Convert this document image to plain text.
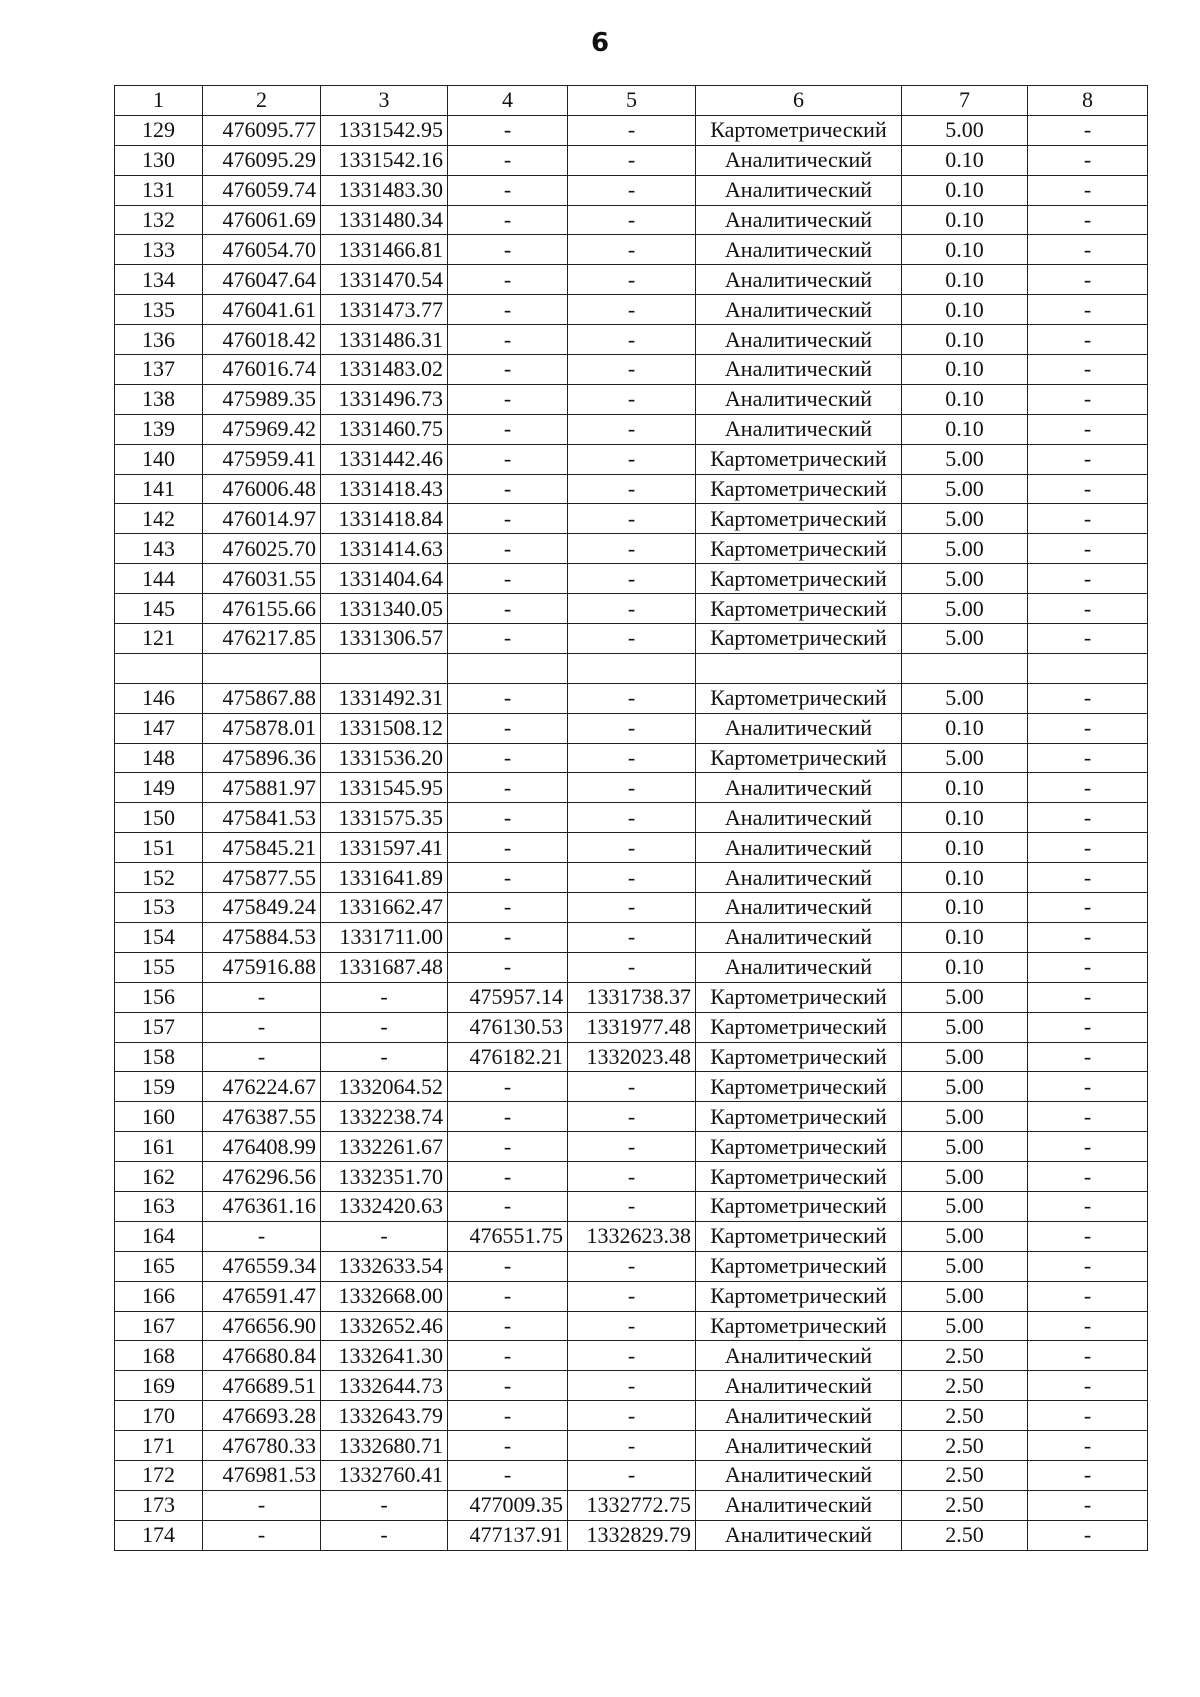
6
1	2	3	4	5	6	7	8
129	476095.77	1331542.95	-	-	Картометрический	5.00	-
130	476095.29	1331542.16	-	-	Аналитический	0.10	-
131	476059.74	1331483.30	-	-	Аналитический	0.10	-
132	476061.69	1331480.34	-	-	Аналитический	0.10	-
133	476054.70	1331466.81	-	-	Аналитический	0.10	-
134	476047.64	1331470.54	-	-	Аналитический	0.10	-
135	476041.61	1331473.77	-	-	Аналитический	0.10	-
136	476018.42	1331486.31	-	-	Аналитический	0.10	-
137	476016.74	1331483.02	-	-	Аналитический	0.10	-
138	475989.35	1331496.73	-	-	Аналитический	0.10	-
139	475969.42	1331460.75	-	-	Аналитический	0.10	-
140	475959.41	1331442.46	-	-	Картометрический	5.00	-
141	476006.48	1331418.43	-	-	Картометрический	5.00	-
142	476014.97	1331418.84	-	-	Картометрический	5.00	-
143	476025.70	1331414.63	-	-	Картометрический	5.00	-
144	476031.55	1331404.64	-	-	Картометрический	5.00	-
145	476155.66	1331340.05	-	-	Картометрический	5.00	-
121	476217.85	1331306.57	-	-	Картометрический	5.00	-

146	475867.88	1331492.31	-	-	Картометрический	5.00	-
147	475878.01	1331508.12	-	-	Аналитический	0.10	-
148	475896.36	1331536.20	-	-	Картометрический	5.00	-
149	475881.97	1331545.95	-	-	Аналитический	0.10	-
150	475841.53	1331575.35	-	-	Аналитический	0.10	-
151	475845.21	1331597.41	-	-	Аналитический	0.10	-
152	475877.55	1331641.89	-	-	Аналитический	0.10	-
153	475849.24	1331662.47	-	-	Аналитический	0.10	-
154	475884.53	1331711.00	-	-	Аналитический	0.10	-
155	475916.88	1331687.48	-	-	Аналитический	0.10	-
156	-	-	475957.14	1331738.37	Картометрический	5.00	-
157	-	-	476130.53	1331977.48	Картометрический	5.00	-
158	-	-	476182.21	1332023.48	Картометрический	5.00	-
159	476224.67	1332064.52	-	-	Картометрический	5.00	-
160	476387.55	1332238.74	-	-	Картометрический	5.00	-
161	476408.99	1332261.67	-	-	Картометрический	5.00	-
162	476296.56	1332351.70	-	-	Картометрический	5.00	-
163	476361.16	1332420.63	-	-	Картометрический	5.00	-
164	-	-	476551.75	1332623.38	Картометрический	5.00	-
165	476559.34	1332633.54	-	-	Картометрический	5.00	-
166	476591.47	1332668.00	-	-	Картометрический	5.00	-
167	476656.90	1332652.46	-	-	Картометрический	5.00	-
168	476680.84	1332641.30	-	-	Аналитический	2.50	-
169	476689.51	1332644.73	-	-	Аналитический	2.50	-
170	476693.28	1332643.79	-	-	Аналитический	2.50	-
171	476780.33	1332680.71	-	-	Аналитический	2.50	-
172	476981.53	1332760.41	-	-	Аналитический	2.50	-
173	-	-	477009.35	1332772.75	Аналитический	2.50	-
174	-	-	477137.91	1332829.79	Аналитический	2.50	-
